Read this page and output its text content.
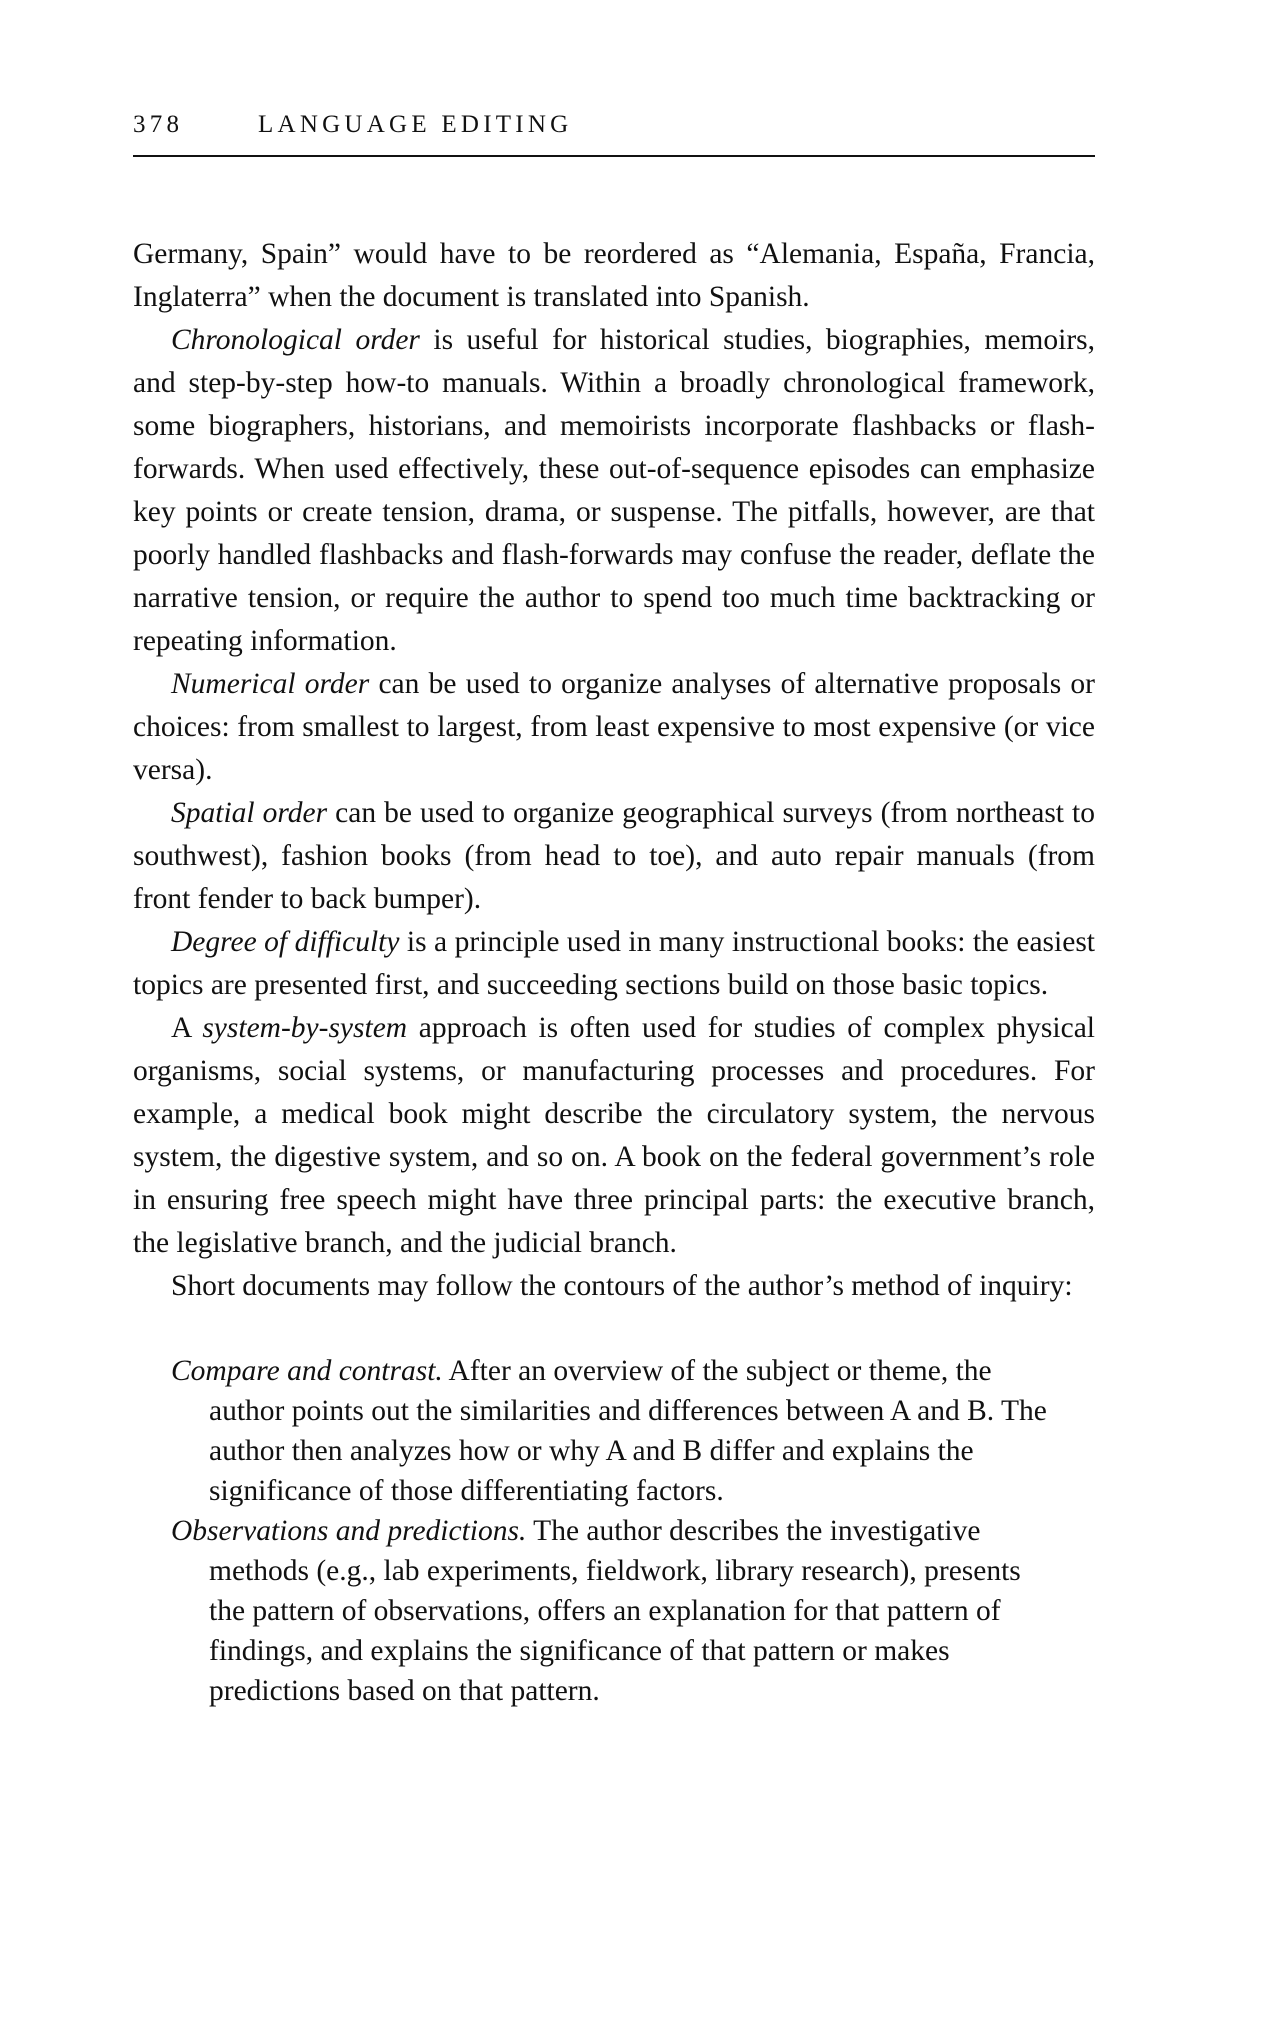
378	LANGUAGE EDITING

Germany, Spain” would have to be reordered as “Alemania, España, Francia, Inglaterra” when the document is translated into Spanish.

Chronological order is useful for historical studies, biographies, memoirs, and step-by-step how-to manuals. Within a broadly chronological framework, some biographers, historians, and memoirists incorporate flashbacks or flash-forwards. When used effectively, these out-of-sequence episodes can emphasize key points or create tension, drama, or suspense. The pitfalls, however, are that poorly handled flashbacks and flash-forwards may confuse the reader, deflate the narrative tension, or require the author to spend too much time backtracking or repeating information.

Numerical order can be used to organize analyses of alternative proposals or choices: from smallest to largest, from least expensive to most expensive (or vice versa).

Spatial order can be used to organize geographical surveys (from northeast to southwest), fashion books (from head to toe), and auto repair manuals (from front fender to back bumper).

Degree of difficulty is a principle used in many instructional books: the easiest topics are presented first, and succeeding sections build on those basic topics.

A system-by-system approach is often used for studies of complex physical organisms, social systems, or manufacturing processes and procedures. For example, a medical book might describe the circulatory system, the nervous system, the digestive system, and so on. A book on the federal government’s role in ensuring free speech might have three principal parts: the executive branch, the legislative branch, and the judicial branch.

Short documents may follow the contours of the author’s method of inquiry:

Compare and contrast. After an overview of the subject or theme, the author points out the similarities and differences between A and B. The author then analyzes how or why A and B differ and explains the significance of those differentiating factors.
Observations and predictions. The author describes the investigative methods (e.g., lab experiments, fieldwork, library research), presents the pattern of observations, offers an explanation for that pattern of findings, and explains the significance of that pattern or makes predictions based on that pattern.
